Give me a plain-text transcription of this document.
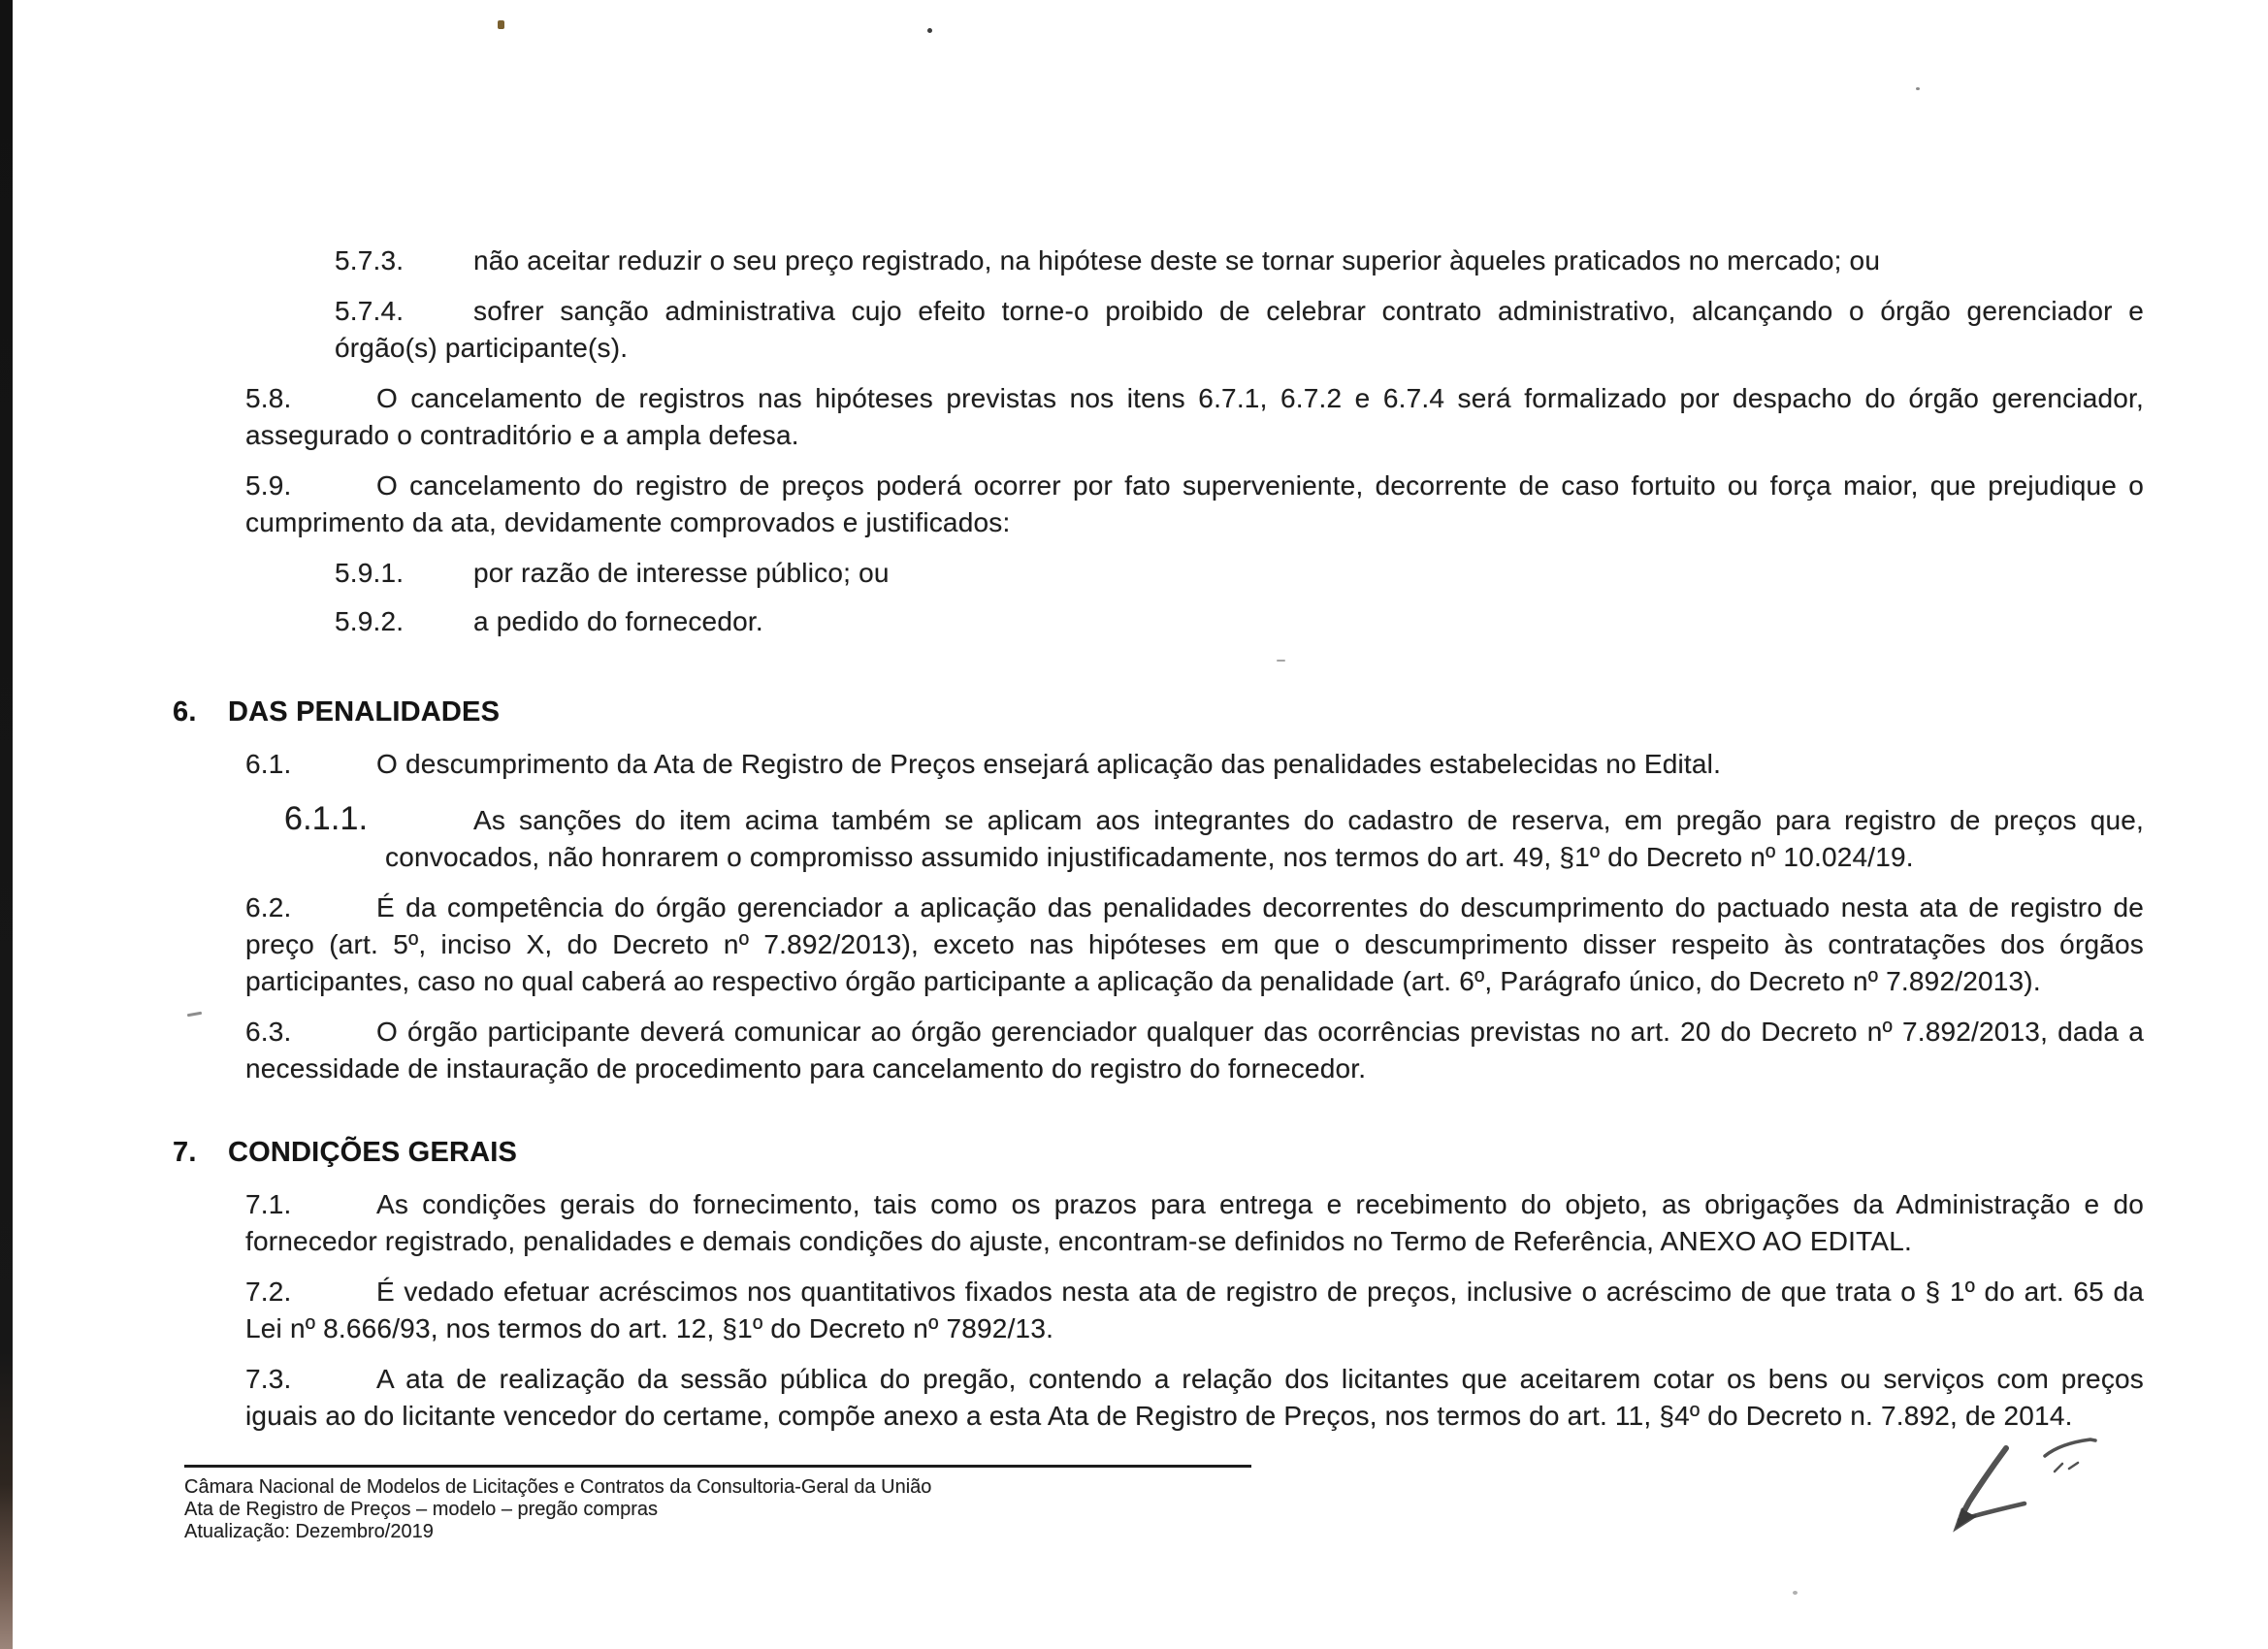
5.7.3.	não aceitar reduzir o seu preço registrado, na hipótese deste se tornar superior àqueles praticados no mercado; ou
5.7.4.	sofrer sanção administrativa cujo efeito torne-o proibido de celebrar contrato administrativo, alcançando o órgão gerenciador e
órgão(s) participante(s).
5.8.	O cancelamento de registros nas hipóteses previstas nos itens 6.7.1, 6.7.2 e 6.7.4 será formalizado por despacho do órgão gerenciador,
assegurado o contraditório e a ampla defesa.
5.9.	O cancelamento do registro de preços poderá ocorrer por fato superveniente, decorrente de caso fortuito ou força maior, que prejudique o
cumprimento da ata, devidamente comprovados e justificados:
5.9.1.	por razão de interesse público; ou
5.9.2.	a pedido do fornecedor.
6. DAS PENALIDADES
6.1.	O descumprimento da Ata de Registro de Preços ensejará aplicação das penalidades estabelecidas no Edital.
6.1.1.	As sanções do item acima também se aplicam aos integrantes do cadastro de reserva, em pregão para registro de preços que,
convocados, não honrarem o compromisso assumido injustificadamente, nos termos do art. 49, §1º do Decreto nº 10.024/19.
6.2.	É da competência do órgão gerenciador a aplicação das penalidades decorrentes do descumprimento do pactuado nesta ata de registro de
preço (art. 5º, inciso X, do Decreto nº 7.892/2013), exceto nas hipóteses em que o descumprimento disser respeito às contratações dos órgãos
participantes, caso no qual caberá ao respectivo órgão participante a aplicação da penalidade (art. 6º, Parágrafo único, do Decreto nº 7.892/2013).
6.3.	O órgão participante deverá comunicar ao órgão gerenciador qualquer das ocorrências previstas no art. 20 do Decreto nº 7.892/2013, dada a
necessidade de instauração de procedimento para cancelamento do registro do fornecedor.
7. CONDIÇÕES GERAIS
7.1.	As condições gerais do fornecimento, tais como os prazos para entrega e recebimento do objeto, as obrigações da Administração e do
fornecedor registrado, penalidades e demais condições do ajuste, encontram-se definidos no Termo de Referência, ANEXO AO EDITAL.
7.2.	É vedado efetuar acréscimos nos quantitativos fixados nesta ata de registro de preços, inclusive o acréscimo de que trata o § 1º do art. 65 da
Lei nº 8.666/93, nos termos do art. 12, §1º do Decreto nº 7892/13.
7.3.	A ata de realização da sessão pública do pregão, contendo a relação dos licitantes que aceitarem cotar os bens ou serviços com preços
iguais ao do licitante vencedor do certame, compõe anexo a esta Ata de Registro de Preços, nos termos do art. 11, §4º do Decreto n. 7.892, de 2014.
Câmara Nacional de Modelos de Licitações e Contratos da Consultoria-Geral da União
Ata de Registro de Preços – modelo – pregão compras
Atualização: Dezembro/2019
